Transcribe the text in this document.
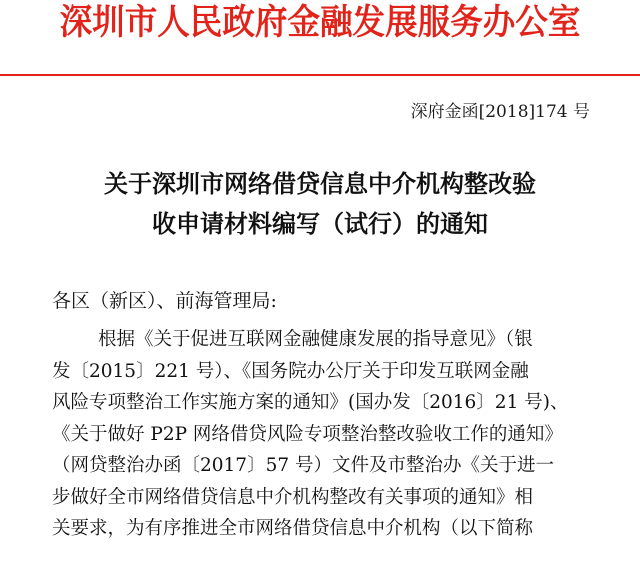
深圳市人民政府金融发展服务办公室
深府金函[2018]174 号
关于深圳市网络借贷信息中介机构整改验
收申请材料编写（试行）的通知
各区（新区）、前海管理局:
根据《关于促进互联网金融健康发展的指导意见》（银
发〔2015〕221 号）、《国务院办公厅关于印发互联网金融
风险专项整治工作实施方案的通知》(国办发〔2016〕21 号)、
《关于做好 P2P 网络借贷风险专项整治整改验收工作的通知》
（网贷整治办函〔2017〕57 号）文件及市整治办《关于进一
步做好全市网络借贷信息中介机构整改有关事项的通知》相
关要求，为有序推进全市网络借贷信息中介机构（以下简称
